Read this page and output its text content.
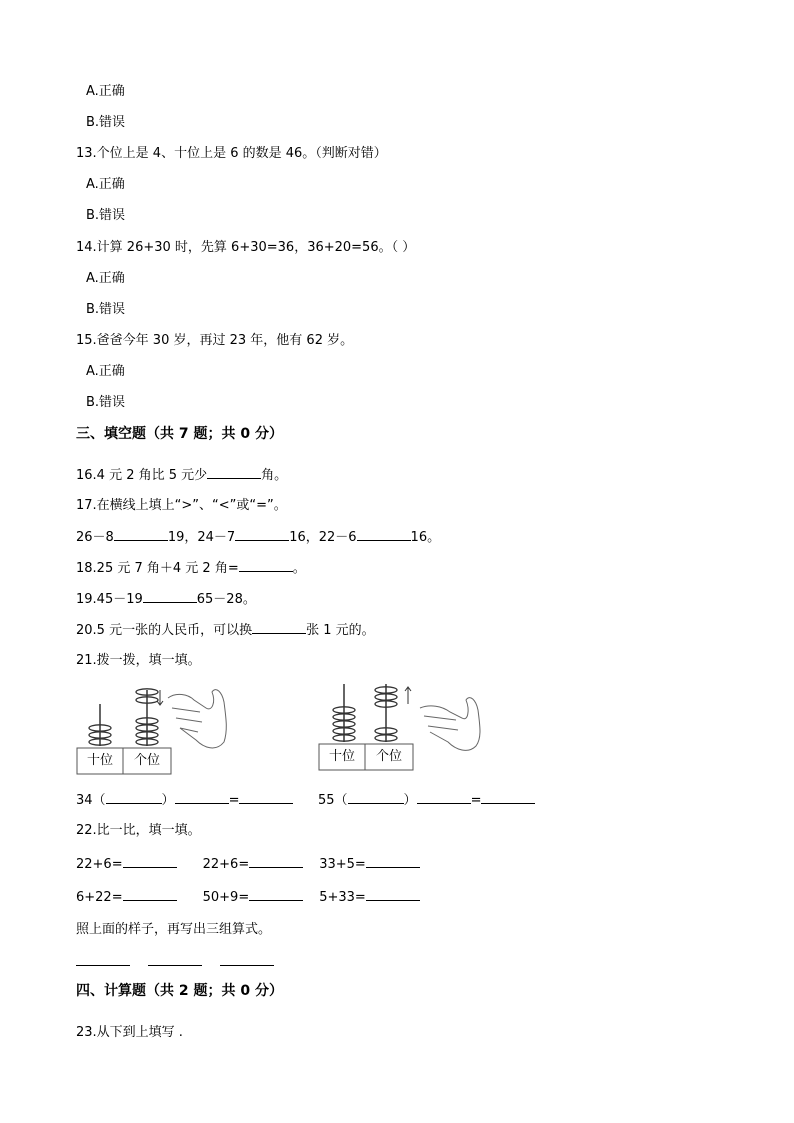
A.正确
B.错误
13.个位上是 4、十位上是 6 的数是 46。（判断对错）
A.正确
B.错误
14.计算 26+30 时，先算 6+30=36，36+20=56。（ ）
A.正确
B.错误
15.爸爸今年 30 岁，再过 23 年，他有 62 岁。
A.正确
B.错误
三、填空题（共 7 题；共 0 分）
16.4 元 2 角比 5 元少	角。
17.在横线上填上“>”、“<”或“=”。
26－8	19，24－7	16，22－6	16。
18.25 元 7 角＋4 元 2 角=	。
19.45－19	65－28。
20.5 元一张的人民币，可以换	张 1 元的。
21.拨一拨，填一填。
十位	个位	十位	个位
34（	）	=	55（	）	=
22.比一比，填一填。
22+6=	22+6=	33+5=
6+22=	50+9=	5+33=
照上面的样子，再写出三组算式。
四、计算题（共 2 题；共 0 分）
23.从下到上填写 .
